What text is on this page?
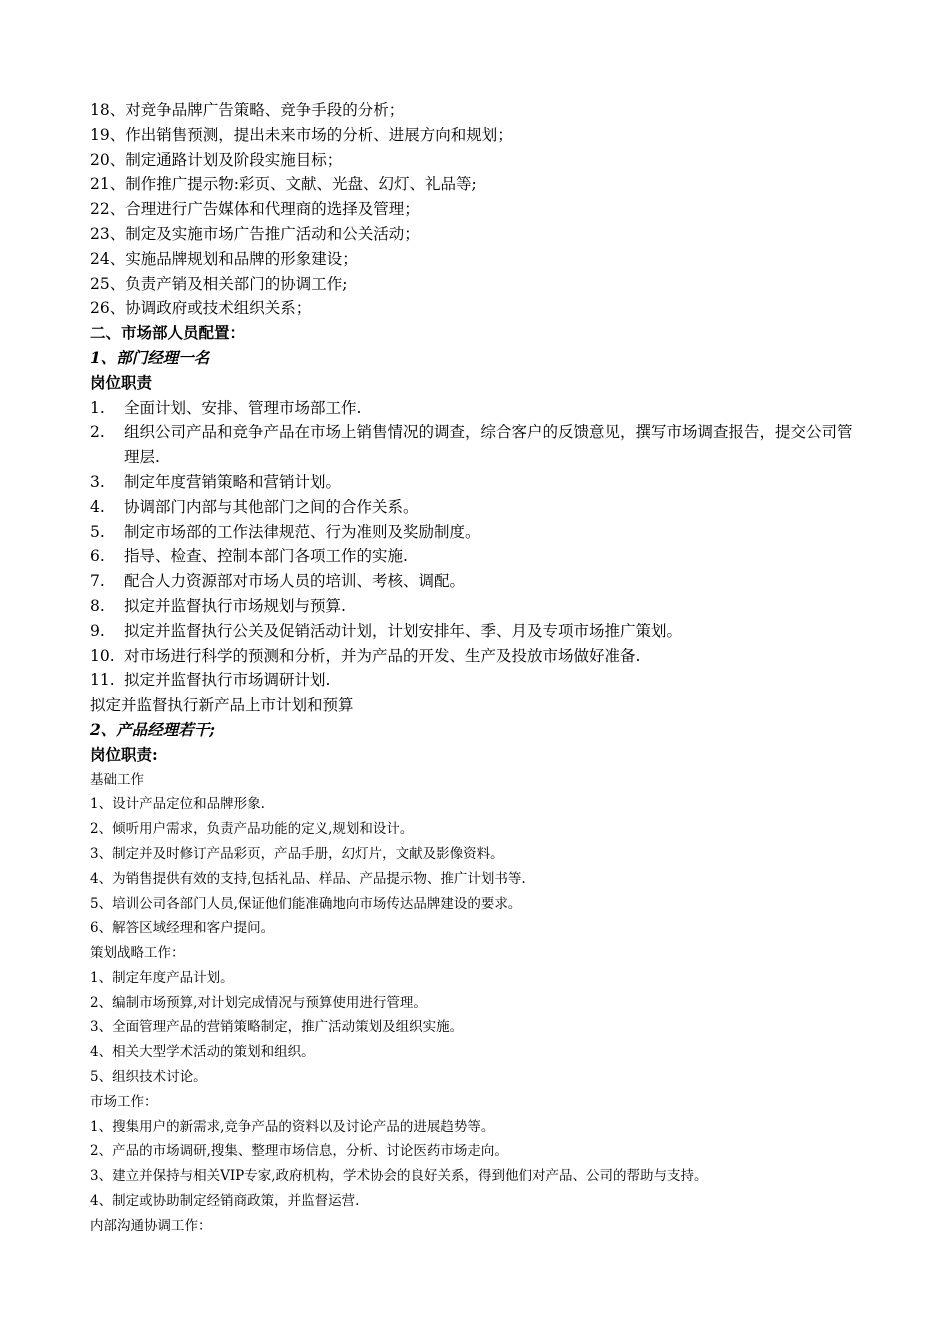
18、对竞争品牌广告策略、竞争手段的分析；
19、作出销售预测，提出未来市场的分析、进展方向和规划；
20、制定通路计划及阶段实施目标；
21、制作推广提示物:彩页、文献、光盘、幻灯、礼品等;
22、合理进行广告媒体和代理商的选择及管理；
23、制定及实施市场广告推广活动和公关活动；
24、实施品牌规划和品牌的形象建设；
25、负责产销及相关部门的协调工作;
26、协调政府或技术组织关系；
二、市场部人员配置：
1、部门经理一名
岗位职责
1.	全面计划、安排、管理市场部工作.
2.	组织公司产品和竞争产品在市场上销售情况的调查，综合客户的反馈意见，撰写市场调查报告，提交公司管理层.
3.	制定年度营销策略和营销计划。
4.	协调部门内部与其他部门之间的合作关系。
5.	制定市场部的工作法律规范、行为准则及奖励制度。
6.	指导、检查、控制本部门各项工作的实施.
7.	配合人力资源部对市场人员的培训、考核、调配。
8.	拟定并监督执行市场规划与预算.
9.	拟定并监督执行公关及促销活动计划，计划安排年、季、月及专项市场推广策划。
10. 对市场进行科学的预测和分析，并为产品的开发、生产及投放市场做好准备.
11. 拟定并监督执行市场调研计划.
拟定并监督执行新产品上市计划和预算
2、产品经理若干;
岗位职责:
基础工作
1、设计产品定位和品牌形象.
2、倾听用户需求，负责产品功能的定义,规划和设计。
3、制定并及时修订产品彩页，产品手册，幻灯片，文献及影像资料。
4、为销售提供有效的支持,包括礼品、样品、产品提示物、推广计划书等.
5、培训公司各部门人员,保证他们能准确地向市场传达品牌建设的要求。
6、解答区域经理和客户提问。
策划战略工作：
1、制定年度产品计划。
2、编制市场预算,对计划完成情况与预算使用进行管理。
3、全面管理产品的营销策略制定，推广活动策划及组织实施。
4、相关大型学术活动的策划和组织。
5、组织技术讨论。
市场工作：
1、搜集用户的新需求,竞争产品的资料以及讨论产品的进展趋势等。
2、产品的市场调研,搜集、整理市场信息，分析、讨论医药市场走向。
3、建立并保持与相关VIP专家,政府机构，学术协会的良好关系，得到他们对产品、公司的帮助与支持。
4、制定或协助制定经销商政策，并监督运营.
内部沟通协调工作：
